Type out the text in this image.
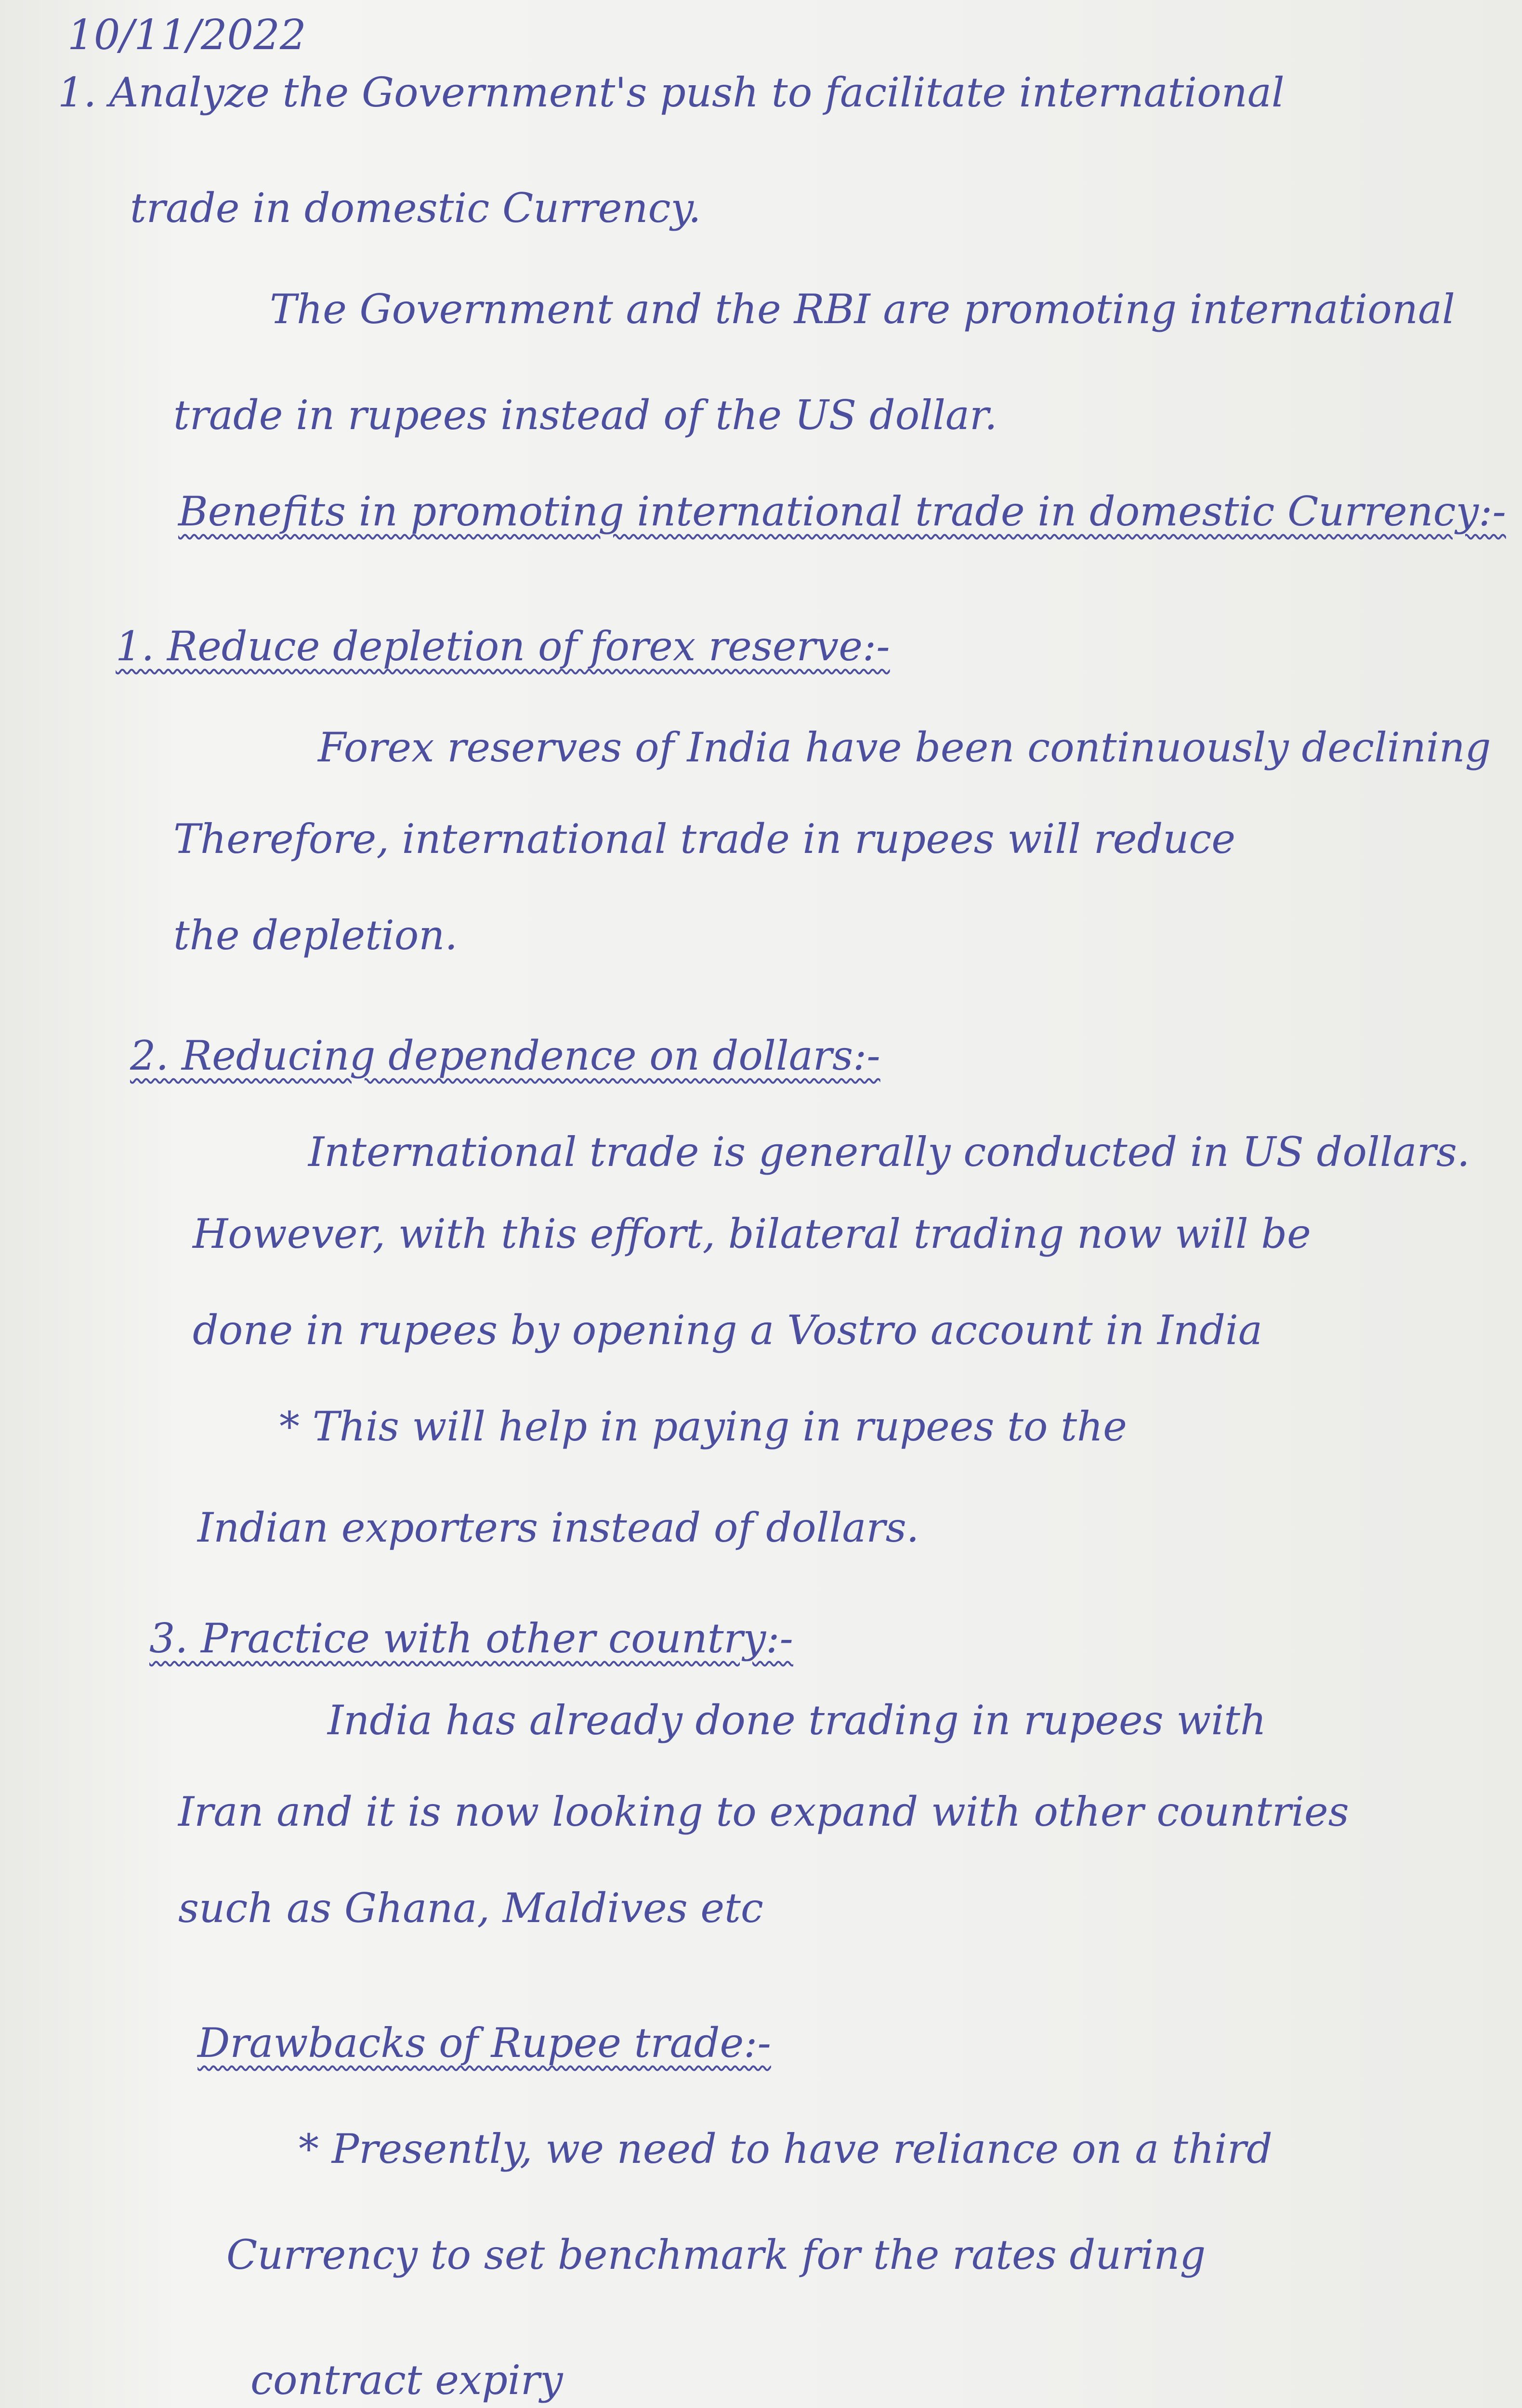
10/11/2022
1. Analyze the Government's push to facilitate international
trade in domestic Currency.
The Government and the RBI are promoting international
trade in rupees instead of the US dollar.
Benefits in promoting international trade in domestic Currency:-
1. Reduce depletion of forex reserve:-
Forex reserves of India have been continuously declining
Therefore, international trade in rupees will reduce
the depletion.
2. Reducing dependence on dollars:-
International trade is generally conducted in US dollars.
However, with this effort, bilateral trading now will be
done in rupees by opening a Vostro account in India
* This will help in paying in rupees to the
Indian exporters instead of dollars.
3. Practice with other country:-
India has already done trading in rupees with
Iran and it is now looking to expand with other countries
such as Ghana, Maldives etc
Drawbacks of Rupee trade:-
* Presently, we need to have reliance on a third
Currency to set benchmark for the rates during
contract expiry
